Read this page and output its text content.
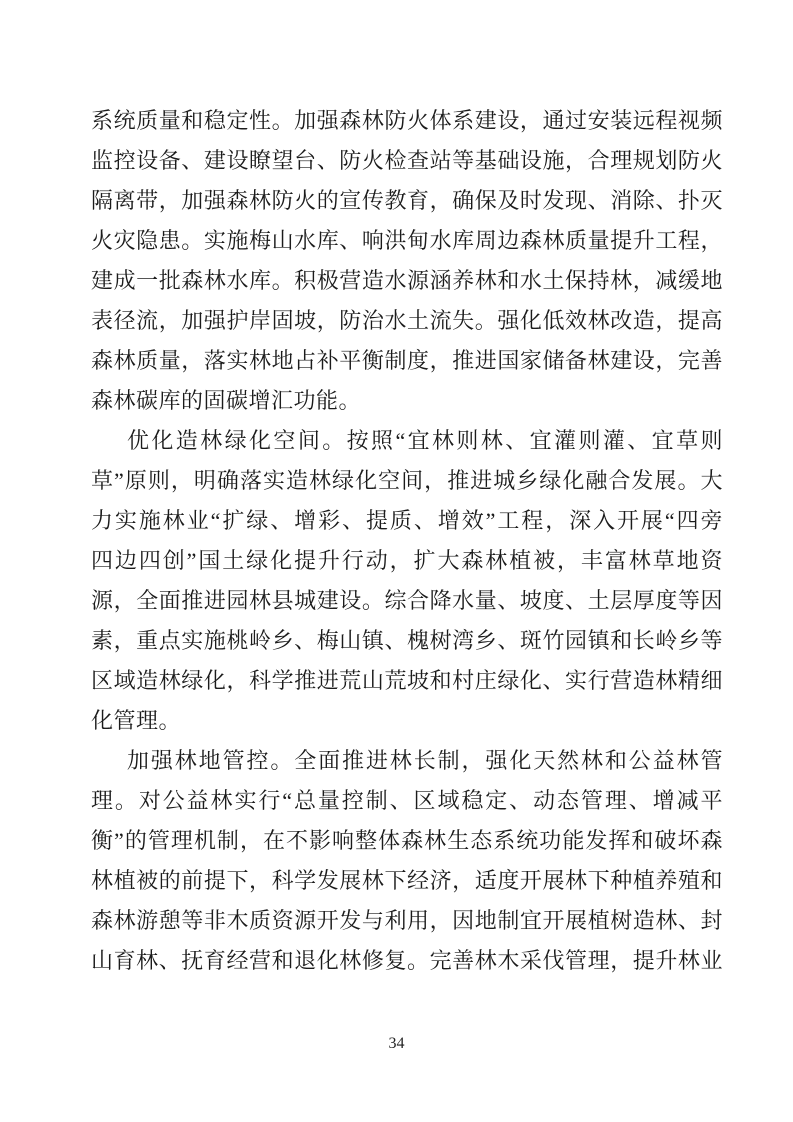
系统质量和稳定性。加强森林防火体系建设，通过安装远程视频
监控设备、建设瞭望台、防火检查站等基础设施，合理规划防火
隔离带，加强森林防火的宣传教育，确保及时发现、消除、扑灭
火灾隐患。实施梅山水库、响洪甸水库周边森林质量提升工程，
建成一批森林水库。积极营造水源涵养林和水土保持林，减缓地
表径流，加强护岸固坡，防治水土流失。强化低效林改造，提高
森林质量，落实林地占补平衡制度，推进国家储备林建设，完善
森林碳库的固碳增汇功能。
优化造林绿化空间。按照“宜林则林、宜灌则灌、宜草则
草”原则，明确落实造林绿化空间，推进城乡绿化融合发展。大
力实施林业“扩绿、增彩、提质、增效”工程，深入开展“四旁
四边四创”国土绿化提升行动，扩大森林植被，丰富林草地资
源，全面推进园林县城建设。综合降水量、坡度、土层厚度等因
素，重点实施桃岭乡、梅山镇、槐树湾乡、斑竹园镇和长岭乡等
区域造林绿化，科学推进荒山荒坡和村庄绿化、实行营造林精细
化管理。
加强林地管控。全面推进林长制，强化天然林和公益林管
理。对公益林实行“总量控制、区域稳定、动态管理、增减平
衡”的管理机制，在不影响整体森林生态系统功能发挥和破坏森
林植被的前提下，科学发展林下经济，适度开展林下种植养殖和
森林游憩等非木质资源开发与利用，因地制宜开展植树造林、封
山育林、抚育经营和退化林修复。完善林木采伐管理，提升林业
34
